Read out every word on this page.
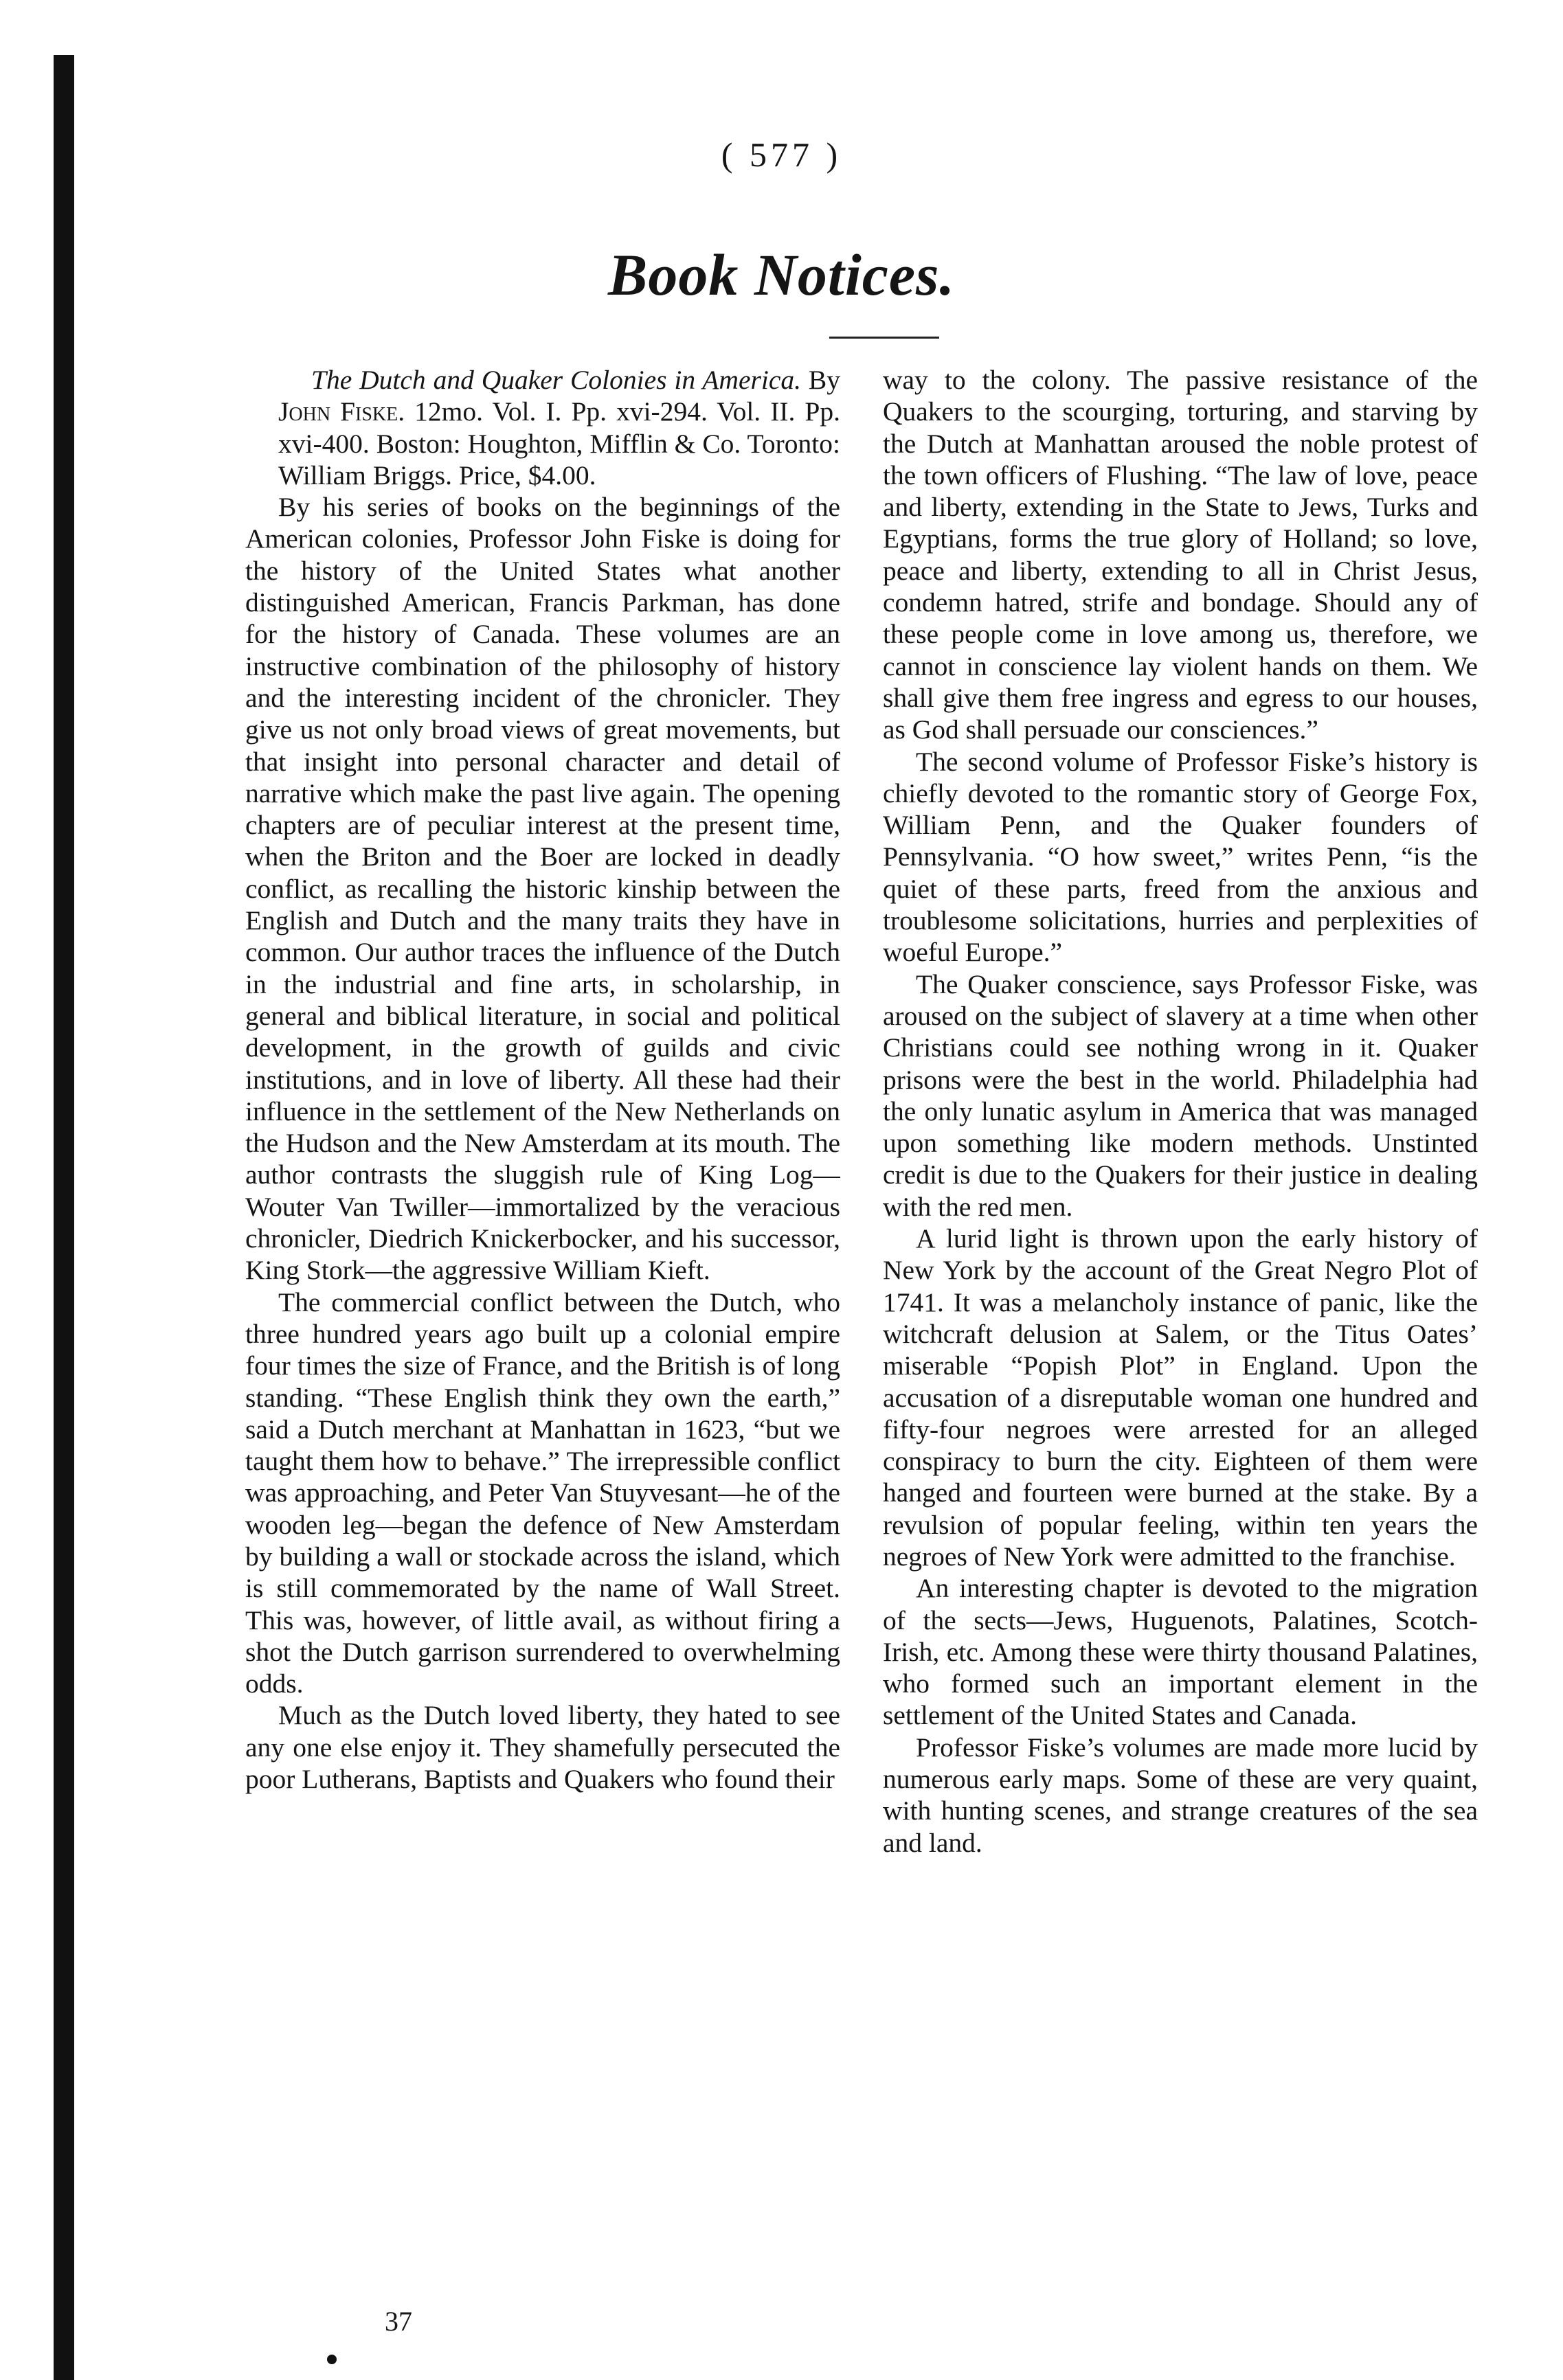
( 577 )
Book Notices.

The Dutch and Quaker Colonies in America. By John Fiske. 12mo. Vol. I. Pp. xvi-294. Vol. II. Pp. xvi-400. Boston: Houghton, Mifflin & Co. Toronto: William Briggs. Price, $4.00.

By his series of books on the beginnings of the American colonies, Professor John Fiske is doing for the history of the United States what another distinguished American, Francis Parkman, has done for the history of Canada. These volumes are an instructive combination of the philosophy of history and the interesting incident of the chronicler. They give us not only broad views of great movements, but that insight into personal character and detail of narrative which make the past live again. The opening chapters are of peculiar interest at the present time, when the Briton and the Boer are locked in deadly conflict, as recalling the historic kinship between the English and Dutch and the many traits they have in common. Our author traces the influence of the Dutch in the industrial and fine arts, in scholarship, in general and biblical literature, in social and political development, in the growth of guilds and civic institutions, and in love of liberty. All these had their influence in the settlement of the New Netherlands on the Hudson and the New Amsterdam at its mouth. The author contrasts the sluggish rule of King Log—Wouter Van Twiller—immortalized by the veracious chronicler, Diedrich Knickerbocker, and his successor, King Stork—the aggressive William Kieft.

The commercial conflict between the Dutch, who three hundred years ago built up a colonial empire four times the size of France, and the British is of long standing. “These English think they own the earth,” said a Dutch merchant at Manhattan in 1623, “but we taught them how to behave.” The irrepressible conflict was approaching, and Peter Van Stuyvesant—he of the wooden leg—began the defence of New Amsterdam by building a wall or stockade across the island, which is still commemorated by the name of Wall Street. This was, however, of little avail, as without firing a shot the Dutch garrison surrendered to overwhelming odds.

Much as the Dutch loved liberty, they hated to see any one else enjoy it. They shamefully persecuted the poor Lutherans, Baptists and Quakers who found their

way to the colony. The passive resistance of the Quakers to the scourging, torturing, and starving by the Dutch at Manhattan aroused the noble protest of the town officers of Flushing. “The law of love, peace and liberty, extending in the State to Jews, Turks and Egyptians, forms the true glory of Holland; so love, peace and liberty, extending to all in Christ Jesus, condemn hatred, strife and bondage. Should any of these people come in love among us, therefore, we cannot in conscience lay violent hands on them. We shall give them free ingress and egress to our houses, as God shall persuade our consciences.”

The second volume of Professor Fiske’s history is chiefly devoted to the romantic story of George Fox, William Penn, and the Quaker founders of Pennsylvania. “O how sweet,” writes Penn, “is the quiet of these parts, freed from the anxious and troublesome solicitations, hurries and perplexities of woeful Europe.”

The Quaker conscience, says Professor Fiske, was aroused on the subject of slavery at a time when other Christians could see nothing wrong in it. Quaker prisons were the best in the world. Philadelphia had the only lunatic asylum in America that was managed upon something like modern methods. Unstinted credit is due to the Quakers for their justice in dealing with the red men.

A lurid light is thrown upon the early history of New York by the account of the Great Negro Plot of 1741. It was a melancholy instance of panic, like the witchcraft delusion at Salem, or the Titus Oates’ miserable “Popish Plot” in England. Upon the accusation of a disreputable woman one hundred and fifty-four negroes were arrested for an alleged conspiracy to burn the city. Eighteen of them were hanged and fourteen were burned at the stake. By a revulsion of popular feeling, within ten years the negroes of New York were admitted to the franchise.

An interesting chapter is devoted to the migration of the sects—Jews, Huguenots, Palatines, Scotch-Irish, etc. Among these were thirty thousand Palatines, who formed such an important element in the settlement of the United States and Canada.

Professor Fiske’s volumes are made more lucid by numerous early maps. Some of these are very quaint, with hunting scenes, and strange creatures of the sea and land.

37
